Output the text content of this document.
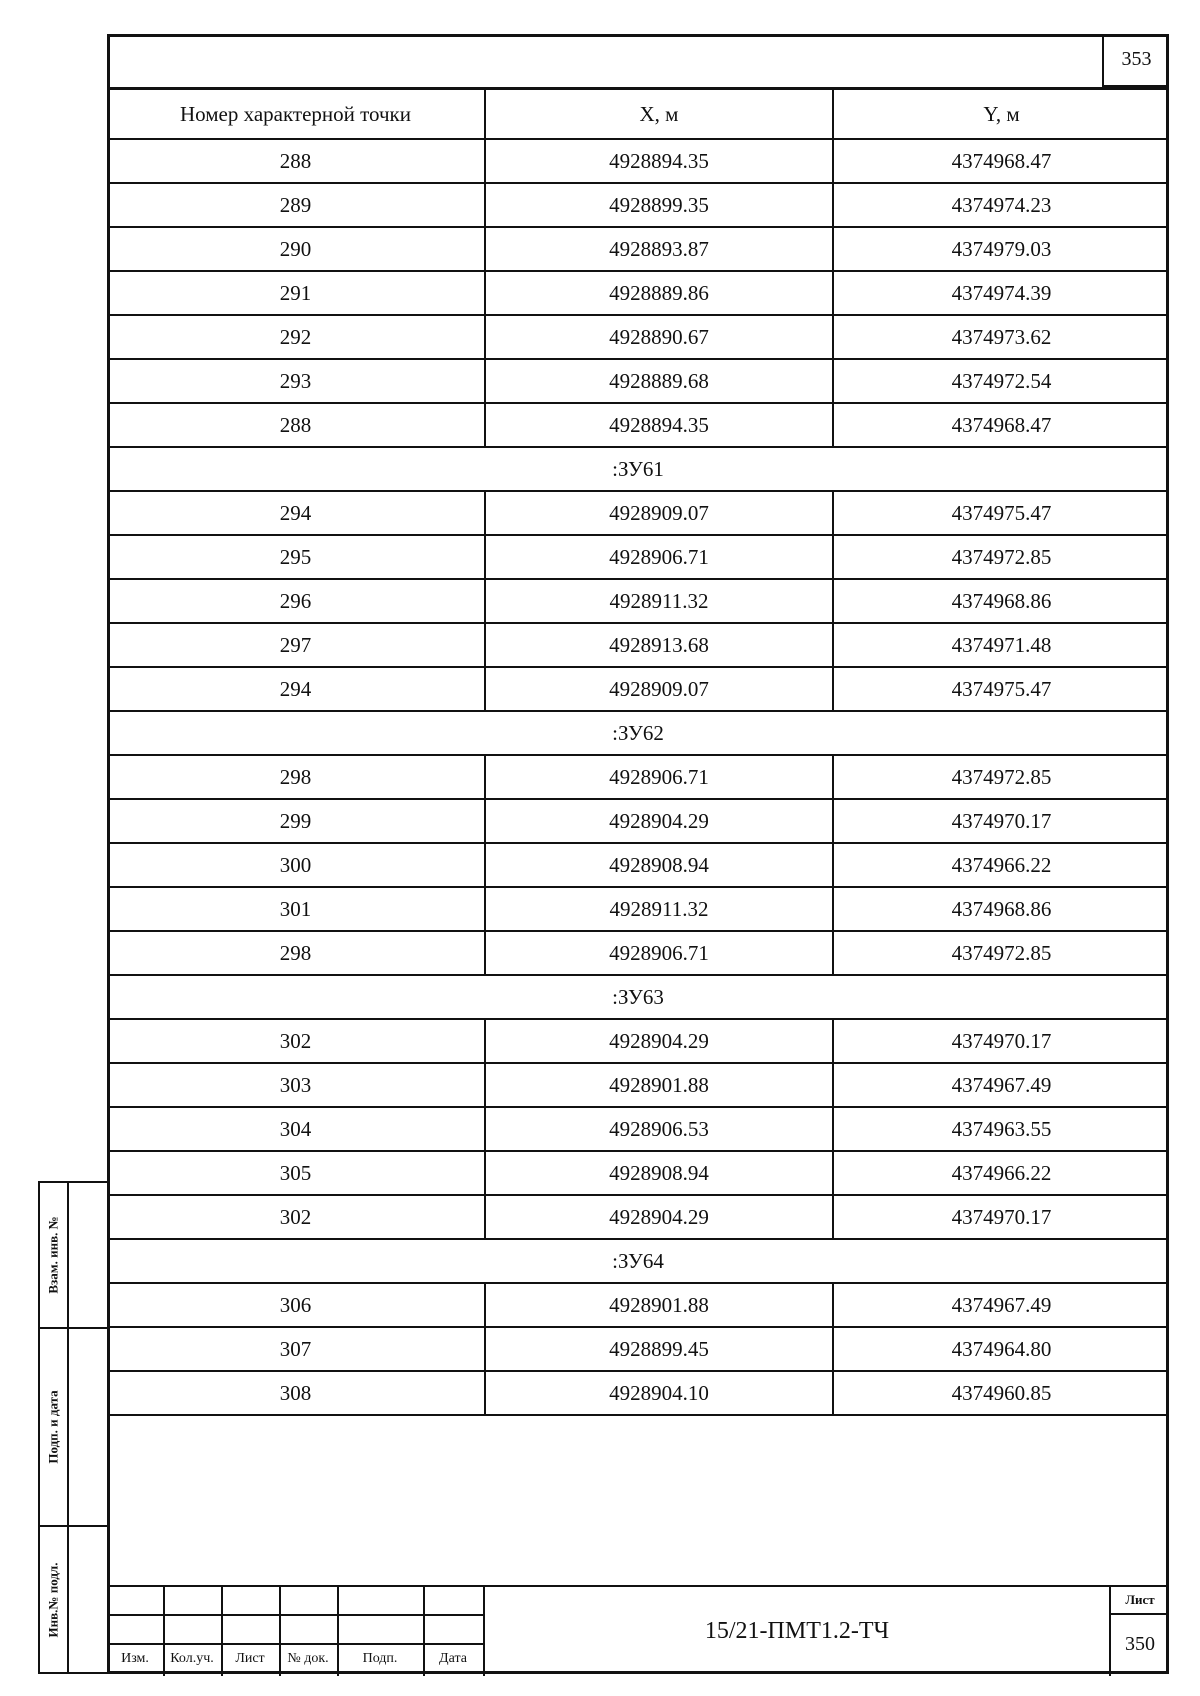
353
Номер характерной точки	X, м	Y, м
288	4928894.35	4374968.47
289	4928899.35	4374974.23
290	4928893.87	4374979.03
291	4928889.86	4374974.39
292	4928890.67	4374973.62
293	4928889.68	4374972.54
288	4928894.35	4374968.47
:ЗУ61		
294	4928909.07	4374975.47
295	4928906.71	4374972.85
296	4928911.32	4374968.86
297	4928913.68	4374971.48
294	4928909.07	4374975.47
:ЗУ62		
298	4928906.71	4374972.85
299	4928904.29	4374970.17
300	4928908.94	4374966.22
301	4928911.32	4374968.86
298	4928906.71	4374972.85
:ЗУ63		
302	4928904.29	4374970.17
303	4928901.88	4374967.49
304	4928906.53	4374963.55
305	4928908.94	4374966.22
302	4928904.29	4374970.17
:ЗУ64		
306	4928901.88	4374967.49
307	4928899.45	4374964.80
308	4928904.10	4374960.85
Взам. инв. №
Подп. и дата
Инв.№ подл.
Изм.	Кол.уч.	Лист	№ док.	Подп.	Дата
15/21-ПМТ1.2-ТЧ
Лист
350
